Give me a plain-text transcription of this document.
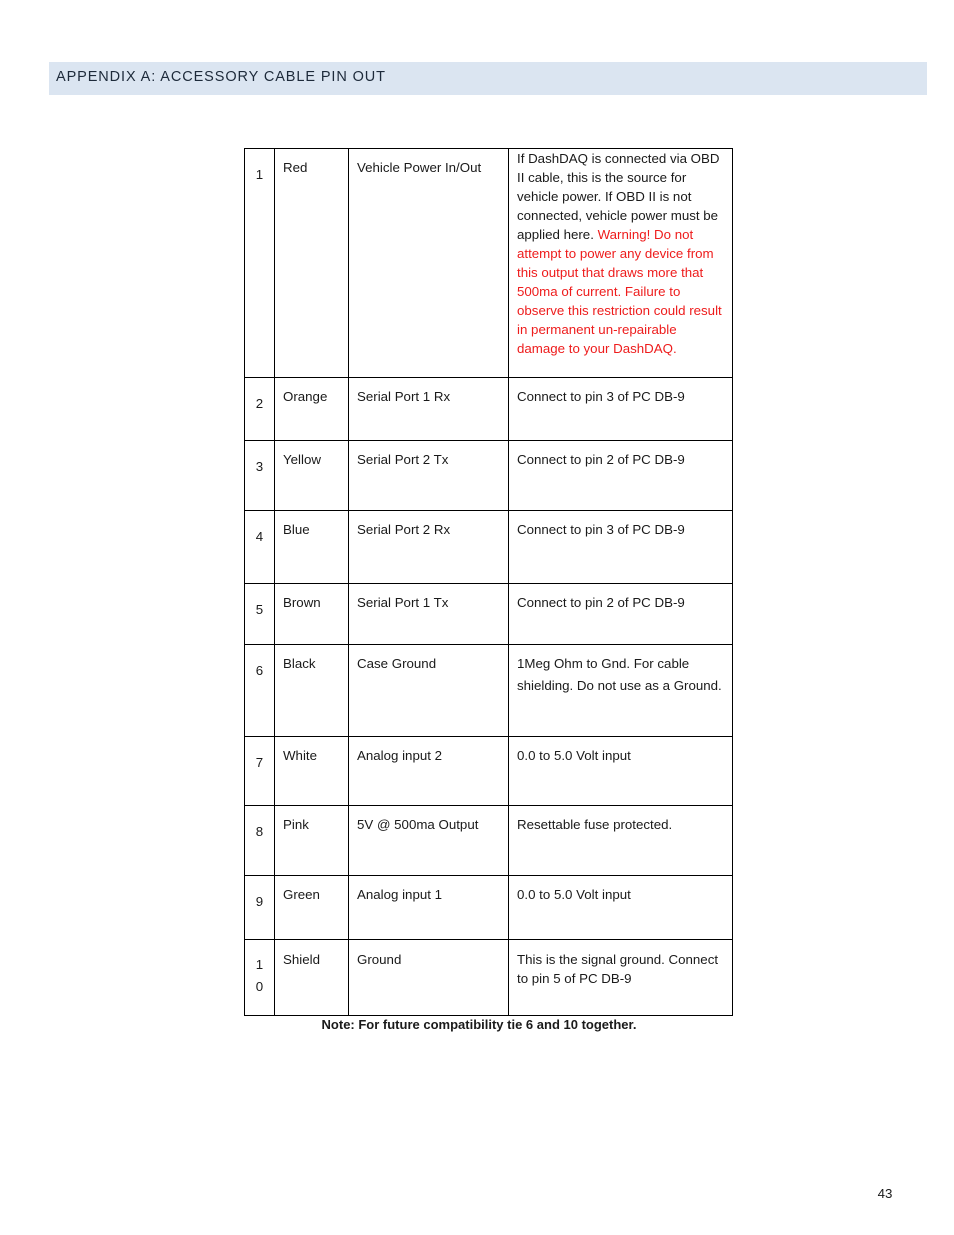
APPENDIX A: ACCESSORY CABLE PIN OUT
1	Red	Vehicle Power In/Out	If DashDAQ is connected via OBD II cable, this is the source for vehicle power. If OBD II is not connected, vehicle power must be applied here. Warning! Do not attempt to power any device from this output that draws more that 500ma of current. Failure to observe this restriction could result in permanent un-repairable damage to your DashDAQ.

2	Orange	Serial Port 1 Rx	Connect to pin 3 of PC DB-9

3	Yellow	Serial Port 2 Tx	Connect to pin 2 of PC DB-9

4	Blue	Serial Port 2 Rx	Connect to pin 3 of PC DB-9

5	Brown	Serial Port 1 Tx	Connect to pin 2 of PC DB-9

6	Black	Case Ground	1Meg Ohm to Gnd. For cable shielding. Do not use as a Ground.

7	White	Analog input 2	0.0 to 5.0 Volt input

8	Pink	5V @ 500ma Output	Resettable fuse protected.

9	Green	Analog input 1	0.0 to 5.0 Volt input

10	Shield	Ground	This is the signal ground. Connect to pin 5 of PC DB-9
Note: For future compatibility tie 6 and 10 together.
43
